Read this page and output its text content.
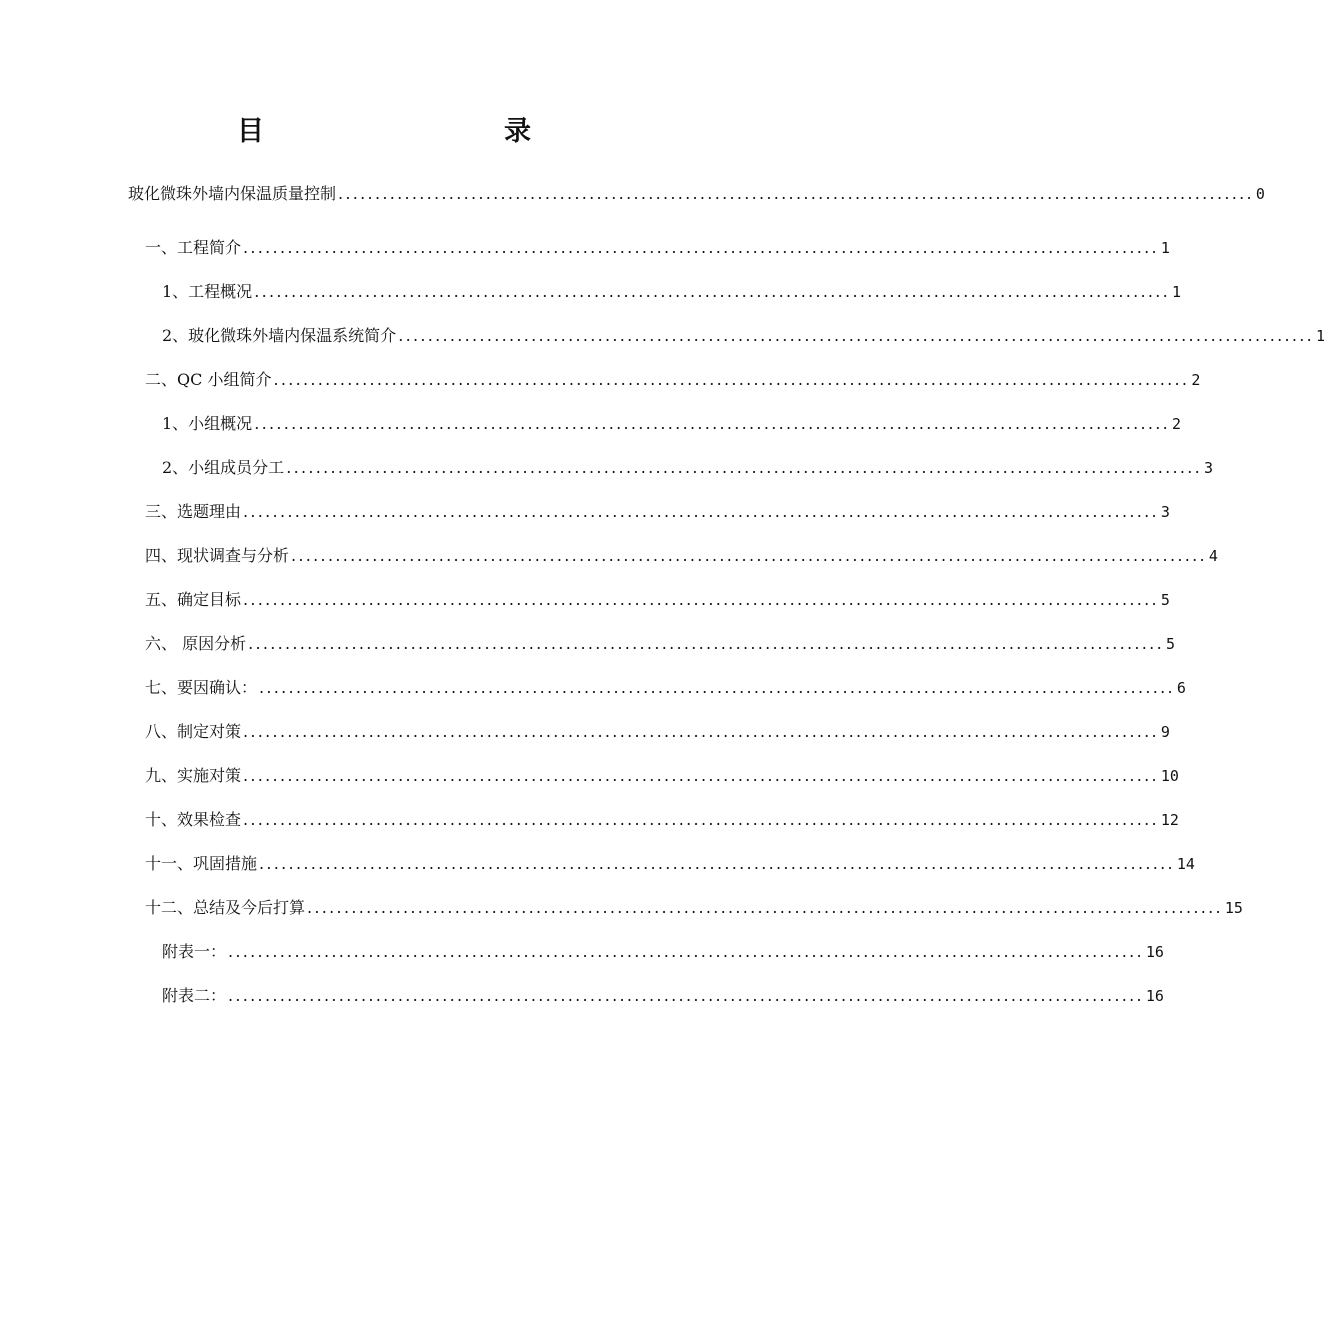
目　　录
玻化微珠外墙内保温质量控制 ............................................................................................................................ 0
一、工程简介 ............................................................................................................................ 1
1、工程概况 ............................................................................................................................ 1
2、玻化微珠外墙内保温系统简介 ............................................................................................................................ 1
二、QC 小组简介 ............................................................................................................................ 2
1、小组概况 ............................................................................................................................ 2
2、小组成员分工 ............................................................................................................................ 3
三、选题理由 ............................................................................................................................ 3
四、现状调查与分析 ............................................................................................................................ 4
五、确定目标 ............................................................................................................................ 5
六、 原因分析 ............................................................................................................................ 5
七、要因确认： ............................................................................................................................ 6
八、制定对策 ............................................................................................................................ 9
九、实施对策 ............................................................................................................................ 10
十、效果检查 ............................................................................................................................ 12
十一、巩固措施 ............................................................................................................................ 14
十二、总结及今后打算 ............................................................................................................................ 15
附表一： ............................................................................................................................ 16
附表二： ............................................................................................................................ 16
